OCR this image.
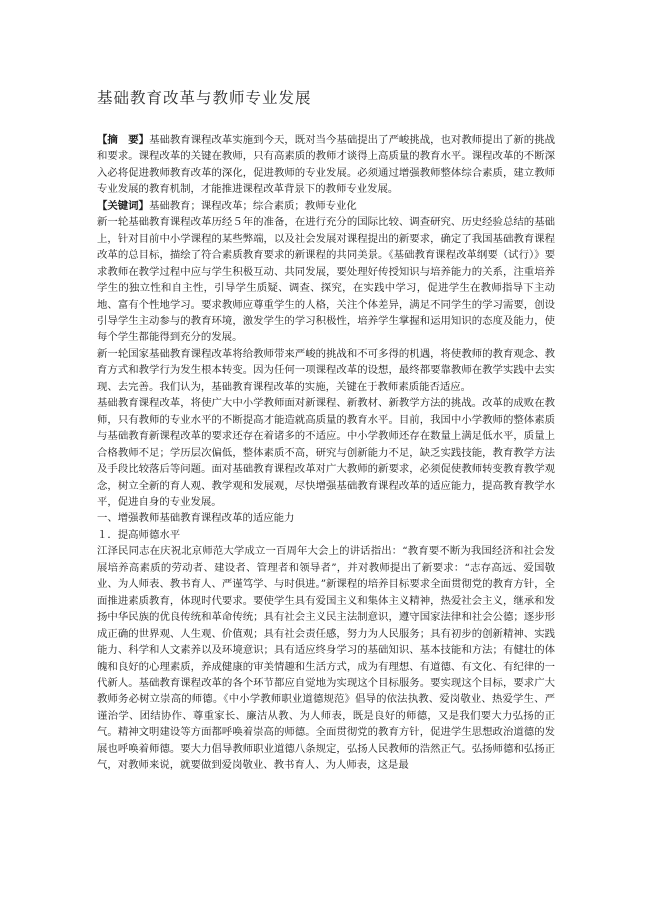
基础教育改革与教师专业发展

【摘　要】基础教育课程改革实施到今天，既对当今基础提出了严峻挑战，也对教师提出了新的挑战和要求。课程改革的关键在教师，只有高素质的教师才谈得上高质量的教育水平。课程改革的不断深入必将促进教师教育改革的深化，促进教师的专业发展。必须通过增强教师整体综合素质，建立教师专业发展的教育机制，才能推进课程改革背景下的教师专业发展。

【关键词】基础教育；课程改革；综合素质；教师专业化

新一轮基础教育课程改革历经５年的准备，在进行充分的国际比较、调查研究、历史经验总结的基础上，针对目前中小学课程的某些弊端，以及社会发展对课程提出的新要求，确定了我国基础教育课程改革的总目标，描绘了符合素质教育要求的新课程的共同美景。《基础教育课程改革纲要（试行）》要求教师在教学过程中应与学生积极互动、共同发展，要处理好传授知识与培养能力的关系，注重培养学生的独立性和自主性，引导学生质疑、调查、探究，在实践中学习，促进学生在教师指导下主动地、富有个性地学习。要求教师应尊重学生的人格，关注个体差异，满足不同学生的学习需要，创设引导学生主动参与的教育环境，激发学生的学习积极性，培养学生掌握和运用知识的态度及能力，使每个学生都能得到充分的发展。

新一轮国家基础教育课程改革将给教师带来严峻的挑战和不可多得的机遇，将使教师的教育观念、教育方式和教学行为发生根本转变。因为任何一项课程改革的设想，最终都要靠教师在教学实践中去实现、去完善。我们认为，基础教育课程改革的实施，关键在于教师素质能否适应。

基础教育课程改革，将使广大中小学教师面对新课程、新教材、新教学方法的挑战。改革的成败在教师，只有教师的专业水平的不断提高才能造就高质量的教育水平。目前，我国中小学教师的整体素质与基础教育新课程改革的要求还存在着诸多的不适应。中小学教师还存在数量上满足低水平，质量上合格教师不足；学历层次偏低，整体素质不高，研究与创新能力不足，缺乏实践技能，教育教学方法及手段比较落后等问题。面对基础教育课程改革对广大教师的新要求，必须促使教师转变教育教学观念，树立全新的育人观、教学观和发展观，尽快增强基础教育课程改革的适应能力，提高教育教学水平，促进自身的专业发展。

一、增强教师基础教育课程改革的适应能力

１．提高师德水平

江泽民同志在庆祝北京师范大学成立一百周年大会上的讲话指出：“教育要不断为我国经济和社会发展培养高素质的劳动者、建设者、管理者和领导者”，并对教师提出了新要求：“志存高远、爱国敬业、为人师表、教书育人、严谨笃学、与时俱进。”新课程的培养目标要求全面贯彻党的教育方针，全面推进素质教育，体现时代要求。要使学生具有爱国主义和集体主义精神，热爱社会主义，继承和发扬中华民族的优良传统和革命传统；具有社会主义民主法制意识，遵守国家法律和社会公德；逐步形成正确的世界观、人生观、价值观；具有社会责任感，努力为人民服务；具有初步的创新精神、实践能力、科学和人文素养以及环境意识；具有适应终身学习的基础知识、基本技能和方法；有健壮的体魄和良好的心理素质，养成健康的审美情趣和生活方式，成为有理想、有道德、有文化、有纪律的一代新人。基础教育课程改革的各个环节都应自觉地为实现这个目标服务。要实现这个目标，要求广大教师务必树立崇高的师德。《中小学教师职业道德规范》倡导的依法执教、爱岗敬业、热爱学生、严谨治学、团结协作、尊重家长、廉洁从教、为人师表，既是良好的师德，又是我们要大力弘扬的正气。精神文明建设等方面都呼唤着崇高的师德。全面贯彻党的教育方针，促进学生思想政治道德的发展也呼唤着师德。要大力倡导教师职业道德八条规定，弘扬人民教师的浩然正气。弘扬师德和弘扬正气，对教师来说，就要做到爱岗敬业、教书育人、为人师表，这是最
